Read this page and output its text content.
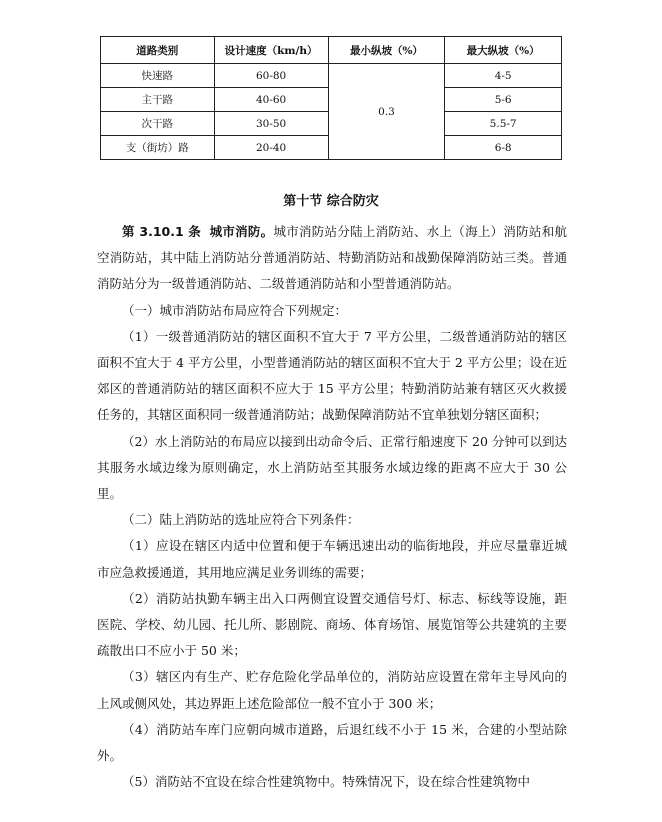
道路类别	设计速度（km/h）	最小纵坡（%）	最大纵坡（%）
快速路	60-80	0.3	4-5
主干路	40-60		5-6
次干路	30-50		5.5-7
支（街坊）路	20-40		6-8
第十节 综合防灾

第 3.10.1 条 城市消防。城市消防站分陆上消防站、水上（海上）消防站和航空消防站，其中陆上消防站分普通消防站、特勤消防站和战勤保障消防站三类。普通消防站分为一级普通消防站、二级普通消防站和小型普通消防站。

（一）城市消防站布局应符合下列规定：

（1）一级普通消防站的辖区面积不宜大于 7 平方公里，二级普通消防站的辖区面积不宜大于 4 平方公里，小型普通消防站的辖区面积不宜大于 2 平方公里；设在近郊区的普通消防站的辖区面积不应大于 15 平方公里；特勤消防站兼有辖区灭火救援任务的，其辖区面积同一级普通消防站；战勤保障消防站不宜单独划分辖区面积；

（2）水上消防站的布局应以接到出动命令后、正常行船速度下 20 分钟可以到达其服务水域边缘为原则确定，水上消防站至其服务水域边缘的距离不应大于 30 公里。

（二）陆上消防站的选址应符合下列条件：

（1）应设在辖区内适中位置和便于车辆迅速出动的临街地段，并应尽量靠近城市应急救援通道，其用地应满足业务训练的需要；

（2）消防站执勤车辆主出入口两侧宜设置交通信号灯、标志、标线等设施，距医院、学校、幼儿园、托儿所、影剧院、商场、体育场馆、展览馆等公共建筑的主要疏散出口不应小于 50 米；

（3）辖区内有生产、贮存危险化学品单位的，消防站应设置在常年主导风向的上风或侧风处，其边界距上述危险部位一般不宜小于 300 米；

（4）消防站车库门应朝向城市道路，后退红线不小于 15 米，合建的小型站除外。

（5）消防站不宜设在综合性建筑物中。特殊情况下，设在综合性建筑物中
